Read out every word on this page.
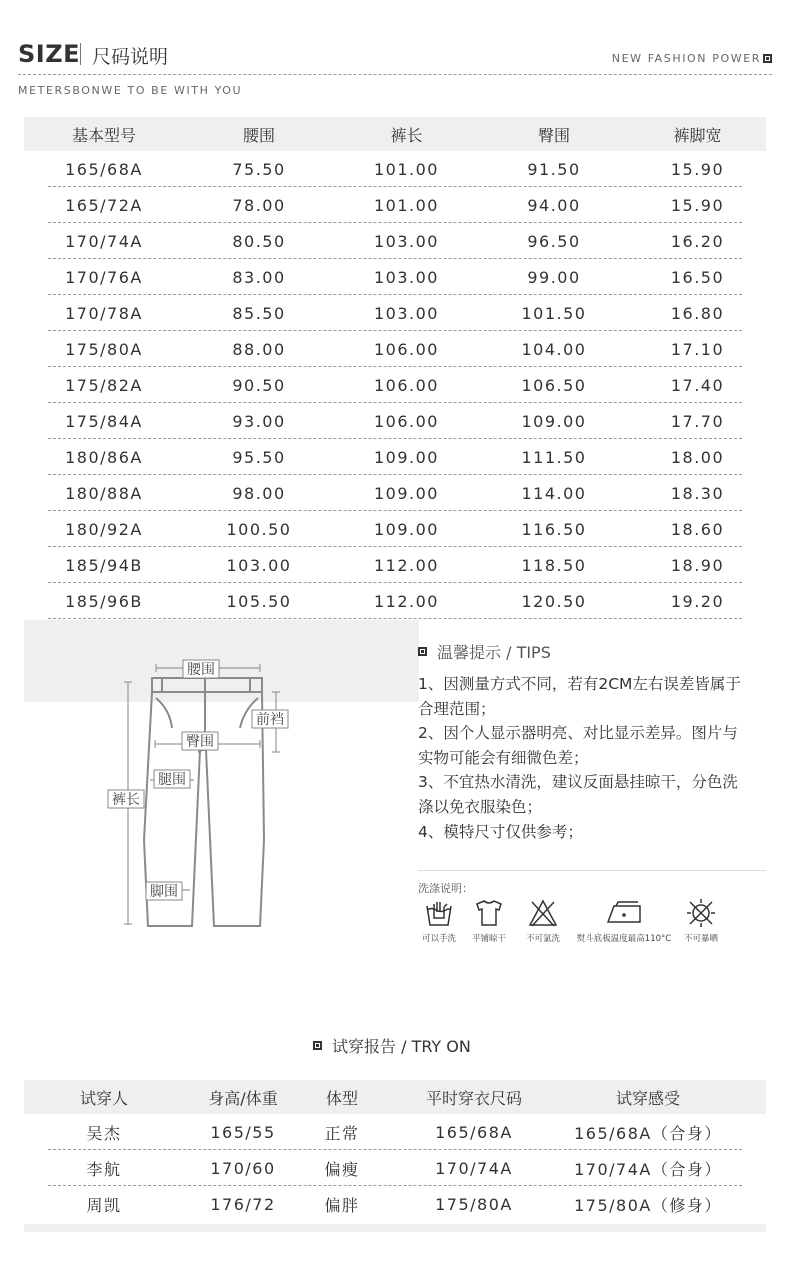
SIZE 尺码说明	NEW FASHION POWER
METERSBONWE TO BE WITH YOU
基本型号	腰围	裤长	臀围	裤脚宽
165/68A	75.50	101.00	91.50	15.90
165/72A	78.00	101.00	94.00	15.90
170/74A	80.50	103.00	96.50	16.20
170/76A	83.00	103.00	99.00	16.50
170/78A	85.50	103.00	101.50	16.80
175/80A	88.00	106.00	104.00	17.10
175/82A	90.50	106.00	106.50	17.40
175/84A	93.00	106.00	109.00	17.70
180/86A	95.50	109.00	111.50	18.00
180/88A	98.00	109.00	114.00	18.30
180/92A	100.50	109.00	116.50	18.60
185/94B	103.00	112.00	118.50	18.90
185/96B	105.50	112.00	120.50	19.20
腰围
臀围
前裆
腿围
裤长
脚围
温馨提示 / TIPS

1、因测量方式不同，若有2CM左右误差皆属于合理范围；

2、因个人显示器明亮、对比显示差异。图片与实物可能会有细微色差；

3、不宜热水清洗，建议反面悬挂晾干，分色洗涤以免衣服染色；

4、模特尺寸仅供参考；

洗涤说明：
可以手洗 平铺晾干 不可氯洗 熨斗底板温度最高110°C 不可暴晒
试穿报告 / TRY ON
试穿人	身高/体重	体型	平时穿衣尺码	试穿感受
吴杰	165/55	正常	165/68A	165/68A（合身）
李航	170/60	偏瘦	170/74A	170/74A（合身）
周凯	176/72	偏胖	175/80A	175/80A（修身）
